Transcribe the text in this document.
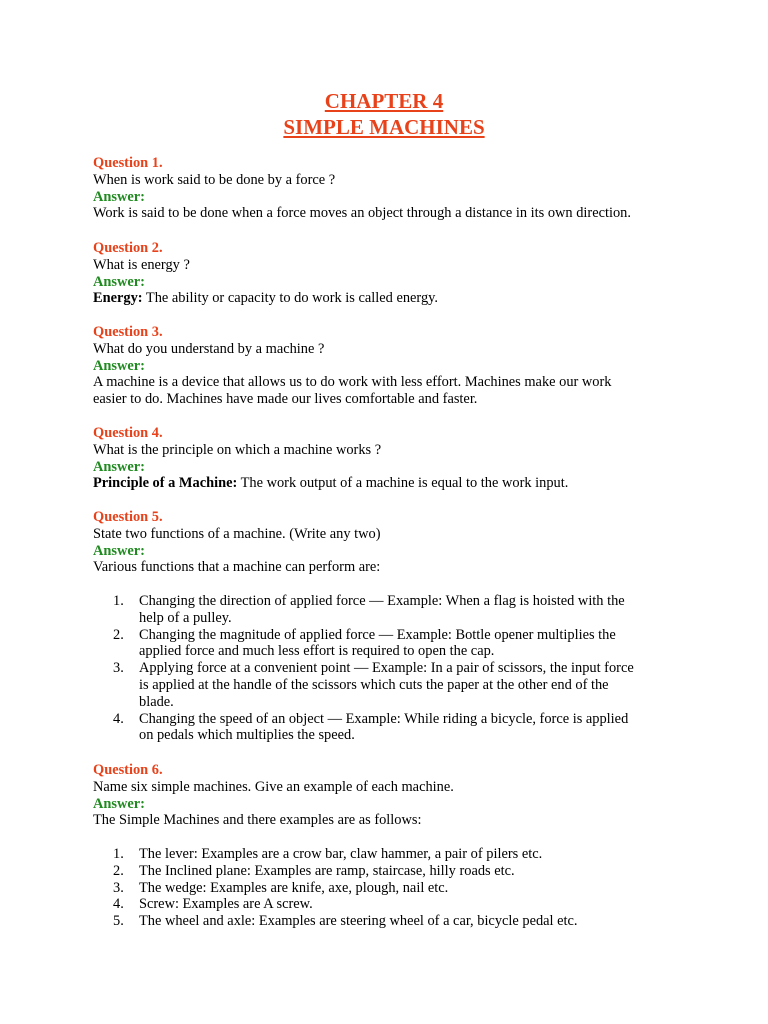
CHAPTER 4
SIMPLE MACHINES
Question 1.
When is work said to be done by a force ?
Answer:
Work is said to be done when a force moves an object through a distance in its own direction.
Question 2.
What is energy ?
Answer:
Energy: The ability or capacity to do work is called energy.
Question 3.
What do you understand by a machine ?
Answer:
A machine is a device that allows us to do work with less effort. Machines make our work
easier to do. Machines have made our lives comfortable and faster.
Question 4.
What is the principle on which a machine works ?
Answer:
Principle of a Machine: The work output of a machine is equal to the work input.
Question 5.
State two functions of a machine. (Write any two)
Answer:
Various functions that a machine can perform are:
1. Changing the direction of applied force — Example: When a flag is hoisted with the
help of a pulley.
2. Changing the magnitude of applied force — Example: Bottle opener multiplies the
applied force and much less effort is required to open the cap.
3. Applying force at a convenient point — Example: In a pair of scissors, the input force
is applied at the handle of the scissors which cuts the paper at the other end of the
blade.
4. Changing the speed of an object — Example: While riding a bicycle, force is applied
on pedals which multiplies the speed.
Question 6.
Name six simple machines. Give an example of each machine.
Answer:
The Simple Machines and there examples are as follows:
1. The lever: Examples are a crow bar, claw hammer, a pair of pilers etc.
2. The Inclined plane: Examples are ramp, staircase, hilly roads etc.
3. The wedge: Examples are knife, axe, plough, nail etc.
4. Screw: Examples are A screw.
5. The wheel and axle: Examples are steering wheel of a car, bicycle pedal etc.
